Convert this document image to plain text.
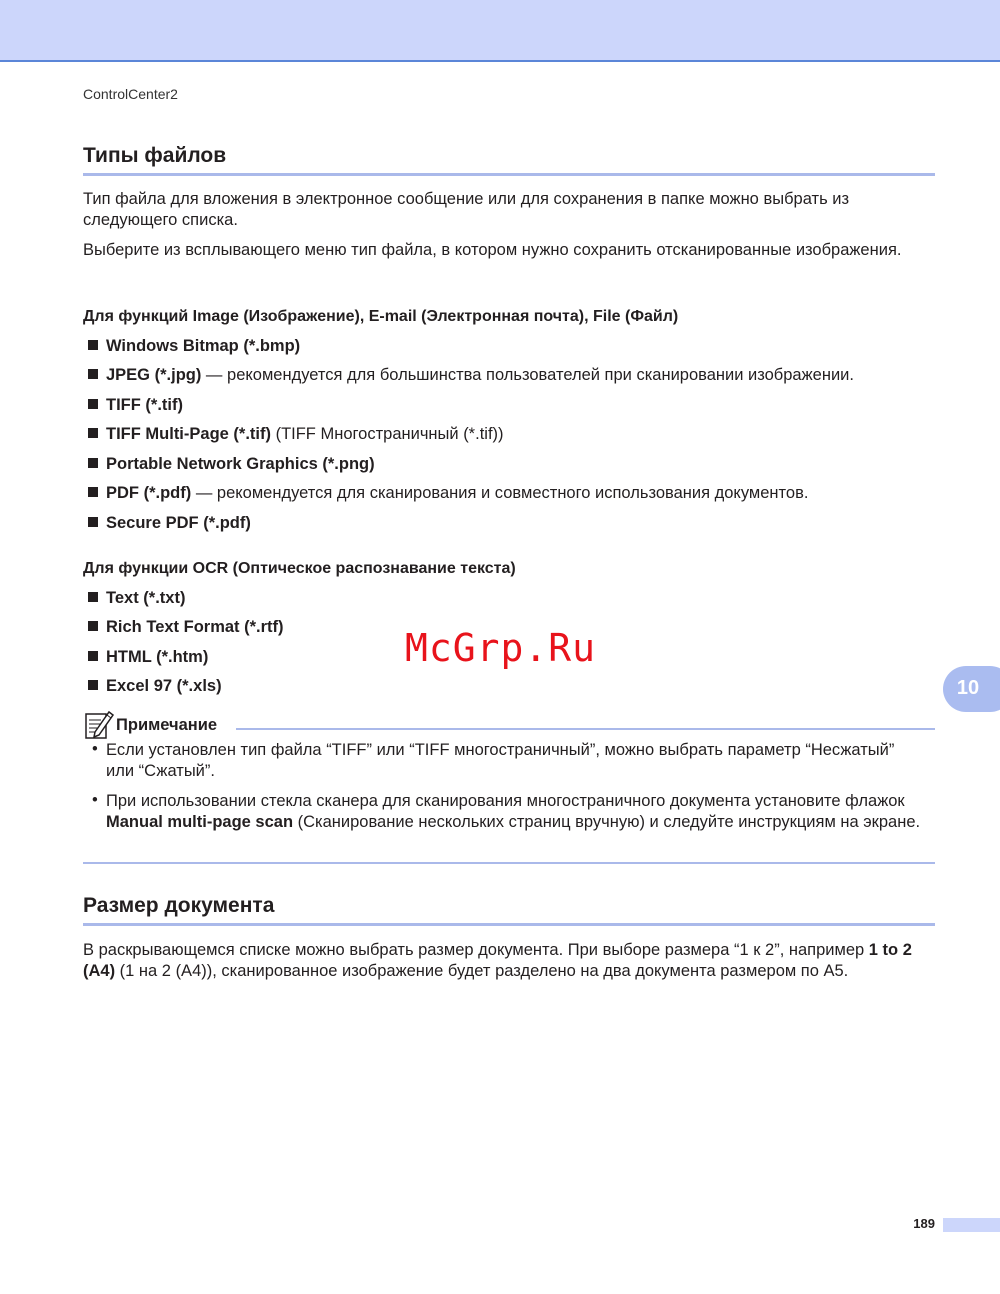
ControlCenter2
Типы файлов
Тип файла для вложения в электронное сообщение или для сохранения в папке можно выбрать из следующего списка.
Выберите из всплывающего меню тип файла, в котором нужно сохранить отсканированные изображения.
Для функций Image (Изображение), E-mail (Электронная почта), File (Файл)
Windows Bitmap (*.bmp)
JPEG (*.jpg) — рекомендуется для большинства пользователей при сканировании изображении.
TIFF (*.tif)
TIFF Multi-Page (*.tif) (TIFF Многостраничный (*.tif))
Portable Network Graphics (*.png)
PDF (*.pdf) — рекомендуется для сканирования и совместного использования документов.
Secure PDF (*.pdf)
Для функции OCR (Оптическое распознавание текста)
Text (*.txt)
Rich Text Format (*.rtf)
HTML (*.htm)
Excel 97 (*.xls)
McGrp.Ru
10
Примечание
• Если установлен тип файла “TIFF” или “TIFF многостраничный”, можно выбрать параметр “Несжатый” или “Сжатый”.
• При использовании стекла сканера для сканирования многостраничного документа установите флажок Manual multi-page scan (Сканирование нескольких страниц вручную) и следуйте инструкциям на экране.
Размер документа
В раскрывающемся списке можно выбрать размер документа. При выборе размера “1 к 2”, например 1 to 2 (A4) (1 на 2 (A4)), сканированное изображение будет разделено на два документа размером по A5.
189
